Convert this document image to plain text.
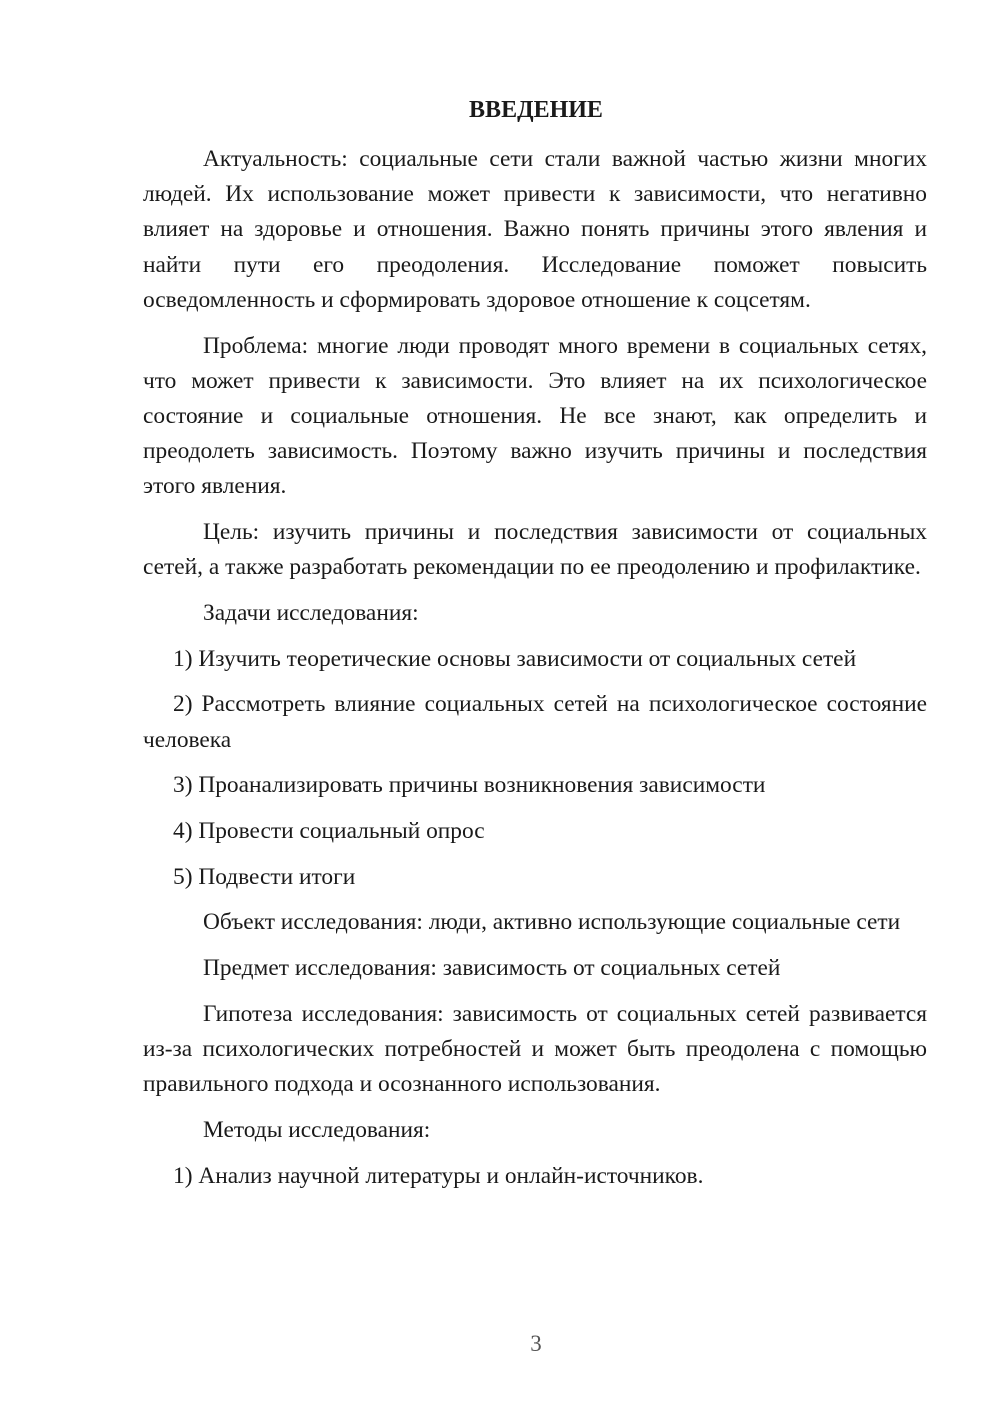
ВВЕДЕНИЕ

Актуальность: социальные сети стали важной частью жизни многих людей. Их использование может привести к зависимости, что негативно влияет на здоровье и отношения. Важно понять причины этого явления и найти пути его преодоления. Исследование поможет повысить осведомленность и сформировать здоровое отношение к соцсетям.

Проблема: многие люди проводят много времени в социальных сетях, что может привести к зависимости. Это влияет на их психологическое состояние и социальные отношения. Не все знают, как определить и преодолеть зависимость. Поэтому важно изучить причины и последствия этого явления.

Цель: изучить причины и последствия зависимости от социальных сетей, а также разработать рекомендации по ее преодолению и профилактике.

Задачи исследования:

1) Изучить теоретические основы зависимости от социальных сетей

2) Рассмотреть влияние социальных сетей на психологическое состояние человека

3) Проанализировать причины возникновения зависимости

4) Провести социальный опрос

5) Подвести итоги

Объект исследования: люди, активно использующие социальные сети

Предмет исследования: зависимость от социальных сетей

Гипотеза исследования: зависимость от социальных сетей развивается из-за психологических потребностей и может быть преодолена с помощью правильного подхода и осознанного использования.

Методы исследования:

1) Анализ научной литературы и онлайн-источников.

3
